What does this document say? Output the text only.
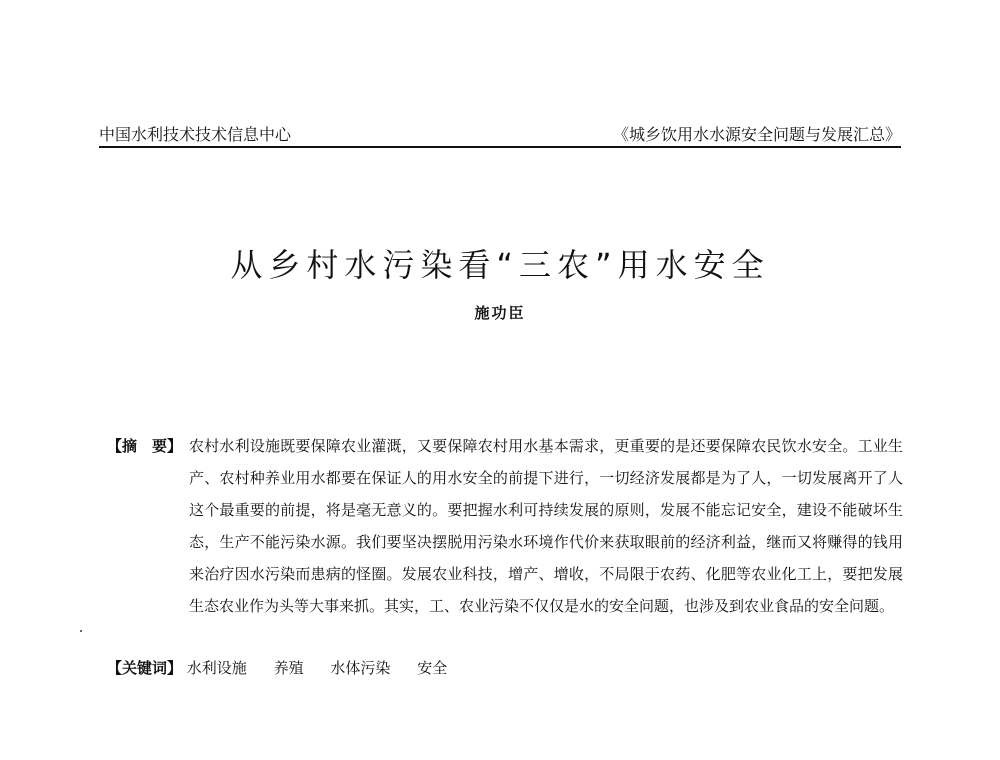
中国水利技术技术信息中心	《城乡饮用水水源安全问题与发展汇总》
从乡村水污染看“三农”用水安全
施功臣
【摘　要】 农村水利设施既要保障农业灌溉，又要保障农村用水基本需求，更重要的是还要保障农民饮水安全。工业生产、农村种养业用水都要在保证人的用水安全的前提下进行，一切经济发展都是为了人，一切发展离开了人这个最重要的前提，将是毫无意义的。要把握水利可持续发展的原则，发展不能忘记安全，建设不能破坏生态，生产不能污染水源。我们要坚决摆脱用污染水环境作代价来获取眼前的经济利益，继而又将赚得的钱用来治疗因水污染而患病的怪圈。发展农业科技，增产、增收，不局限于农药、化肥等农业化工上，要把发展生态农业作为头等大事来抓。其实，工、农业污染不仅仅是水的安全问题，也涉及到农业食品的安全问题。
【关键词】 水利设施 养殖 水体污染 安全
